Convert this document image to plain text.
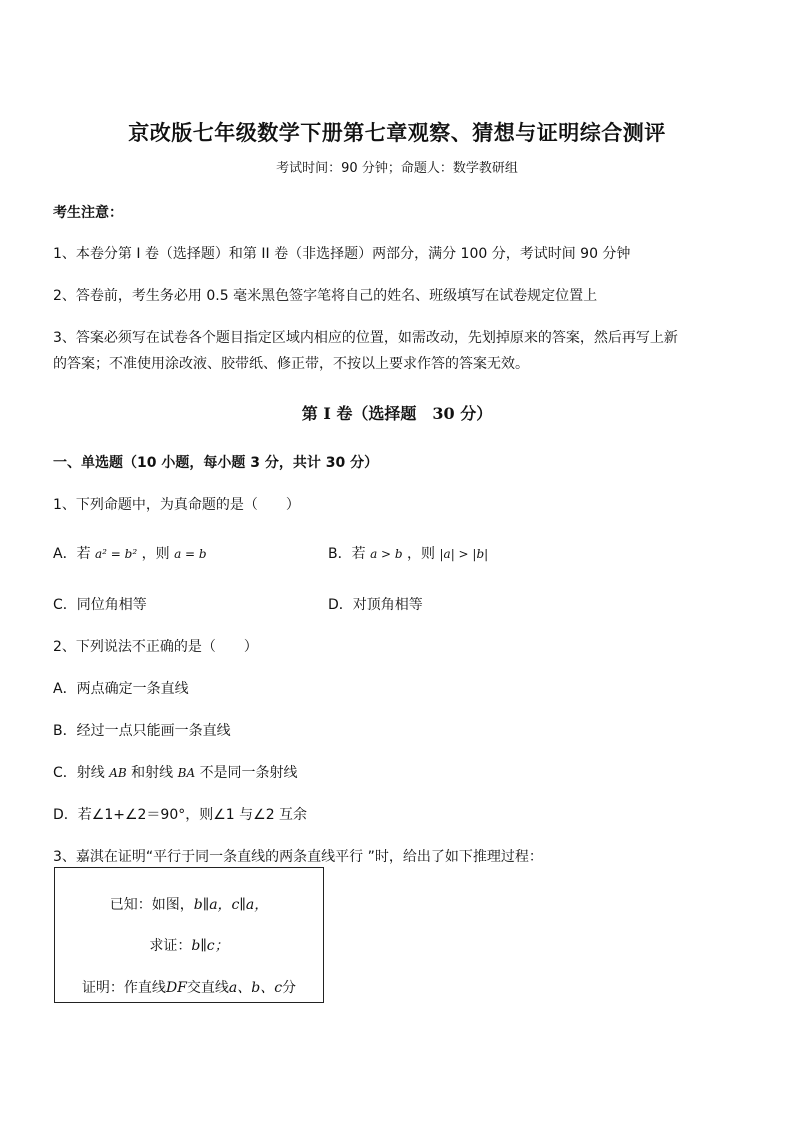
京改版七年级数学下册第七章观察、猜想与证明综合测评
考试时间：90 分钟；命题人：数学教研组
考生注意：
1、本卷分第 I 卷（选择题）和第 II 卷（非选择题）两部分，满分 100 分，考试时间 90 分钟
2、答卷前，考生务必用 0.5 毫米黑色签字笔将自己的姓名、班级填写在试卷规定位置上
3、答案必须写在试卷各个题目指定区域内相应的位置，如需改动，先划掉原来的答案，然后再写上新
的答案；不准使用涂改液、胶带纸、修正带，不按以上要求作答的答案无效。
第 I 卷（选择题　30 分）
一、单选题（10 小题，每小题 3 分，共计 30 分）
1、下列命题中，为真命题的是（　　）
A．若 a² = b² ，则 a = b	B．若 a > b ，则 |a| > |b|
C．同位角相等	D．对顶角相等
2、下列说法不正确的是（　　）
A．两点确定一条直线
B．经过一点只能画一条直线
C．射线 AB 和射线 BA 不是同一条射线
D．若∠1+∠2＝90°，则∠1 与∠2 互余
3、嘉淇在证明“平行于同一条直线的两条直线平行 ”时，给出了如下推理过程：
已知：如图，b∥a，c∥a，
求证：b∥c；
证明：作直线DF交直线a、b、c分
